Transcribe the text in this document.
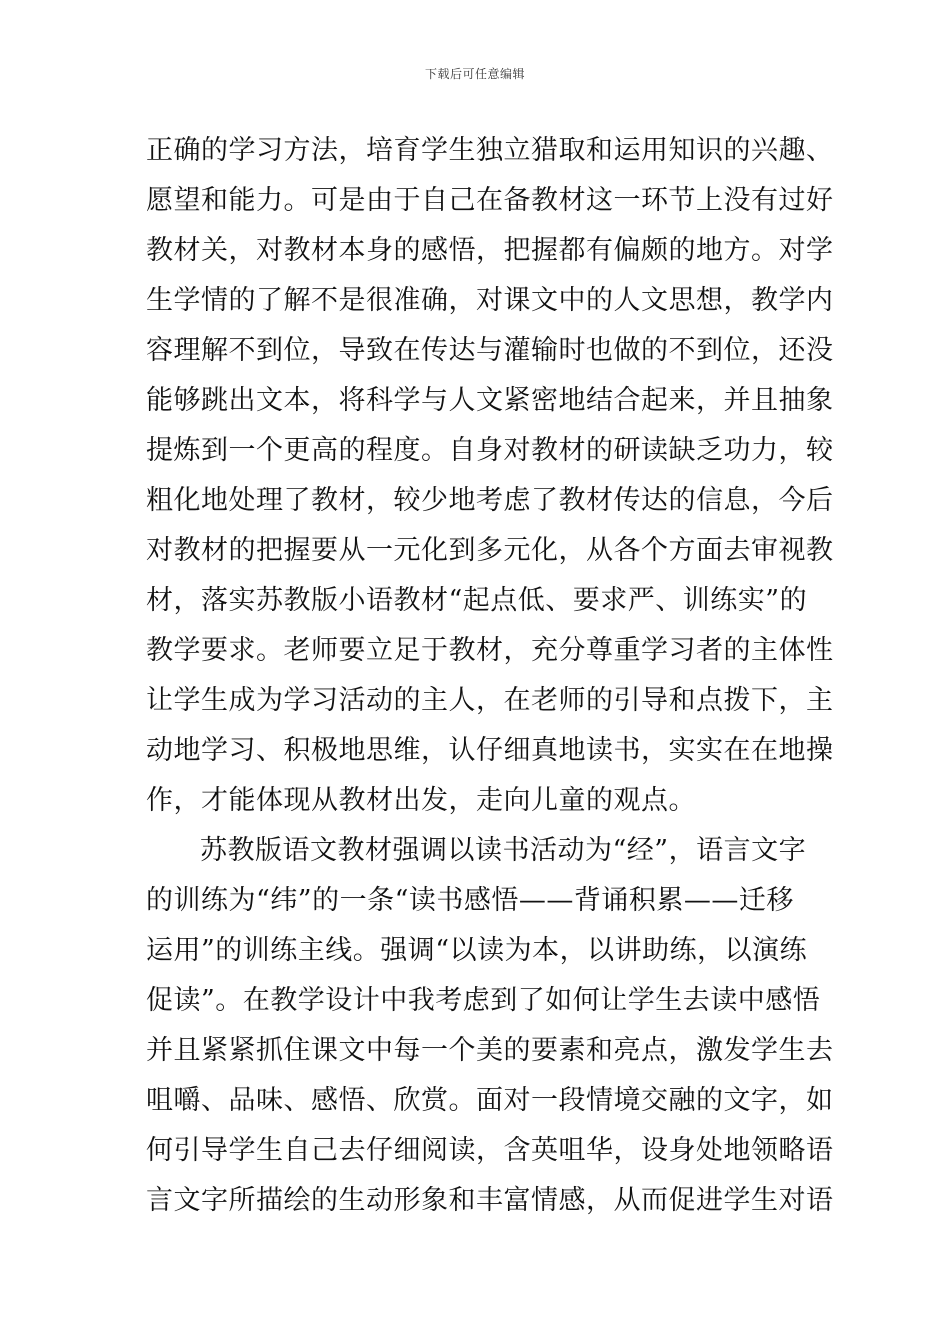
下载后可任意编辑
正确的学习方法，培育学生独立猎取和运用知识的兴趣、
愿望和能力。可是由于自己在备教材这一环节上没有过好
教材关，对教材本身的感悟，把握都有偏颇的地方。对学
生学情的了解不是很准确，对课文中的人文思想，教学内
容理解不到位，导致在传达与灌输时也做的不到位，还没
能够跳出文本，将科学与人文紧密地结合起来，并且抽象
提炼到一个更高的程度。自身对教材的研读缺乏功力，较
粗化地处理了教材，较少地考虑了教材传达的信息，今后
对教材的把握要从一元化到多元化，从各个方面去审视教
材，落实苏教版小语教材“起点低、要求严、训练实”的
教学要求。老师要立足于教材，充分尊重学习者的主体性
让学生成为学习活动的主人，在老师的引导和点拨下，主
动地学习、积极地思维，认仔细真地读书，实实在在地操
作，才能体现从教材出发，走向儿童的观点。
苏教版语文教材强调以读书活动为“经”，语言文字
的训练为“纬”的一条“读书感悟——背诵积累——迁移
运用”的训练主线。强调“以读为本，以讲助练，以演练
促读”。在教学设计中我考虑到了如何让学生去读中感悟
并且紧紧抓住课文中每一个美的要素和亮点，激发学生去
咀嚼、品味、感悟、欣赏。面对一段情境交融的文字，如
何引导学生自己去仔细阅读，含英咀华，设身处地领略语
言文字所描绘的生动形象和丰富情感，从而促进学生对语
